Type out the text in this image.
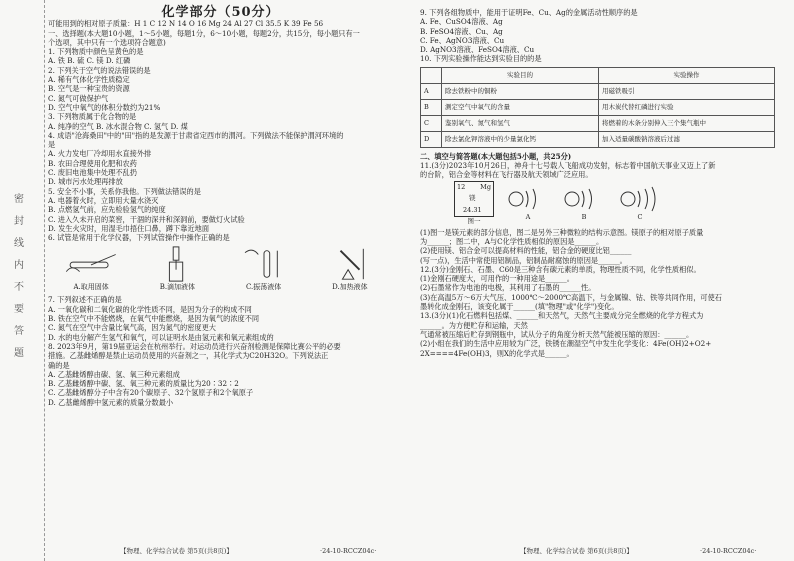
密
封
线
内
不
要
答
题
化学部分（50分）
可能用到的相对原子质量：H 1 C 12 N 14 O 16 Mg 24 Al 27 Cl 35.5 K 39 Fe 56
一、选择题(本大题10小题，1～5小题，每题1分，6～10小题，每题2分，共15分，每小题只有一
个选项，其中只有一个选项符合题意)
1. 下列物质中颜色呈黄色的是
A. 铁 B. 硫 C. 镁 D. 红磷
2. 下列关于空气的说法错误的是
A. 稀有气体化学性质稳定
B. 空气是一种宝贵的资源
C. 氮气可做保护气
D. 空气中氧气的体积分数约为21%
3. 下列物质属于化合物的是
A. 纯净的空气 B. 冰水混合物 C. 氢气 D. 煤
4. 成语"沧海桑田"中的"田"指的是发源于甘肃省定西市的渭河。下列做法不能保护渭河环境的
是
A. 火力发电厂冷却用水直接外排
B. 农田合理使用化肥和农药
C. 废旧电池集中处理不乱扔
D. 城市污水处理再排放
5. 安全不小事，关系你我他。下列做法错误的是
A. 电器着火时，立即用大量水浇灭
B. 点燃氢气前，应先检验氢气的纯度
C. 进入久未开启的菜窖，干涸的深井和深洞前，要做灯火试验
D. 发生火灾时，用湿毛巾捂住口鼻，蹲下靠近地面
6. 试管是常用于化学仪器，下列试管操作中操作正确的是
A.取用固体	B.滴加液体	C.振荡液体	D.加热液体
7. 下列叙述不正确的是
A. 一氧化碳和二氧化碳的化学性质不同，是因为分子的构成不同
B. 铁在空气中不能燃烧，在氧气中能燃烧，是因为氧气的浓度不同
C. 氮气在空气中含量比氧气高，因为氮气的密度更大
D. 水的电分解产生氢气和氧气，可以证明水是由氢元素和氧元素组成的
8. 2023年9月，第19届亚运会在杭州举行。对运动员进行兴奋剂检测是保障比赛公平的必要
措施。乙基雌烯醇是禁止运动员使用的兴奋剂之一，其化学式为C20H32O。下列说法正
确的是
A. 乙基雌烯醇由碳、氢、氧三种元素组成
B. 乙基雌烯醇中碳、氢、氧三种元素的质量比为20∶32∶2
C. 乙基雌烯醇分子中含有20个碳原子、32个氢原子和2个氧原子
D. 乙基雌烯醇中氢元素的质量分数最小
【物理、化学综合试卷 第5页(共8页)】	·24-10-RCCZ04c·
9. 下列各组物质中，能用于证明Fe、Cu、Ag的金属活动性顺序的是
A. Fe、CuSO4溶液、Ag
B. FeSO4溶液、Cu、Ag
C. Fe、AgNO3溶液、Cu
D. AgNO3溶液、FeSO4溶液、Cu
10. 下列实验操作能达到实验目的的是
	实验目的	实验操作
A	除去铁粉中的铜粉	用磁铁吸引
B	测定空气中氧气的含量	用木炭代替红磷进行实验
C	鉴别氧气、氮气和氢气	将燃着的木条分别伸入三个集气瓶中
D	除去氯化钾溶液中的少量氯化钙	加入适量碳酸钠溶液后过滤
二、填空与简答题(本大题包括5小题，共25分)
11.(3分)2023年10月26日，神舟十七号载人飞船成功发射，标志着中国航天事业又迈上了新
的台阶，铝合金等材料在飞行器及航天领域广泛应用。
12 Mg
镁
24.31
图一
A	B	C
(1)图一是镁元素的部分信息，图二是另外三种微粒的结构示意图。镁原子的相对原子质量
为______；图二中，A与C化学性质相似的原因是______。
(2)使用镁、铝合金可以提高材料的性能，铝合金的硬度比铝______
(写一点)，生活中常使用铝制品，铝制品耐腐蚀的原因是______。
12.(3分)金刚石、石墨、C60是三种含有碳元素的单质，物理性质不同，化学性质相似。
(1)金刚石硬度大，可用作的一种用途是______。
(2)石墨常作为电池的电极，其利用了石墨的______性。
(3)在高温5万～6万大气压、1000℃～2000℃高温下，与金属镍、钴、铁等共同作用，可使石
墨转化成金刚石，该变化属于______(填"物理"或"化学")变化。
13.(3分)(1)化石燃料包括煤、______和天然气，天然气主要成分完全燃烧的化学方程式为
______。为方便贮存和运输，天然
气通常被压缩后贮存到钢瓶中，试从分子的角度分析天然气能被压缩的原因：______。
(2)小组在我们的生活中应用较为广泛，铁锈在潮湿空气中发生化学变化：4Fe(OH)2+O2+
2X====4Fe(OH)3，则X的化学式是______。
【物理、化学综合试卷 第6页(共8页)】	·24-10-RCCZ04c·
